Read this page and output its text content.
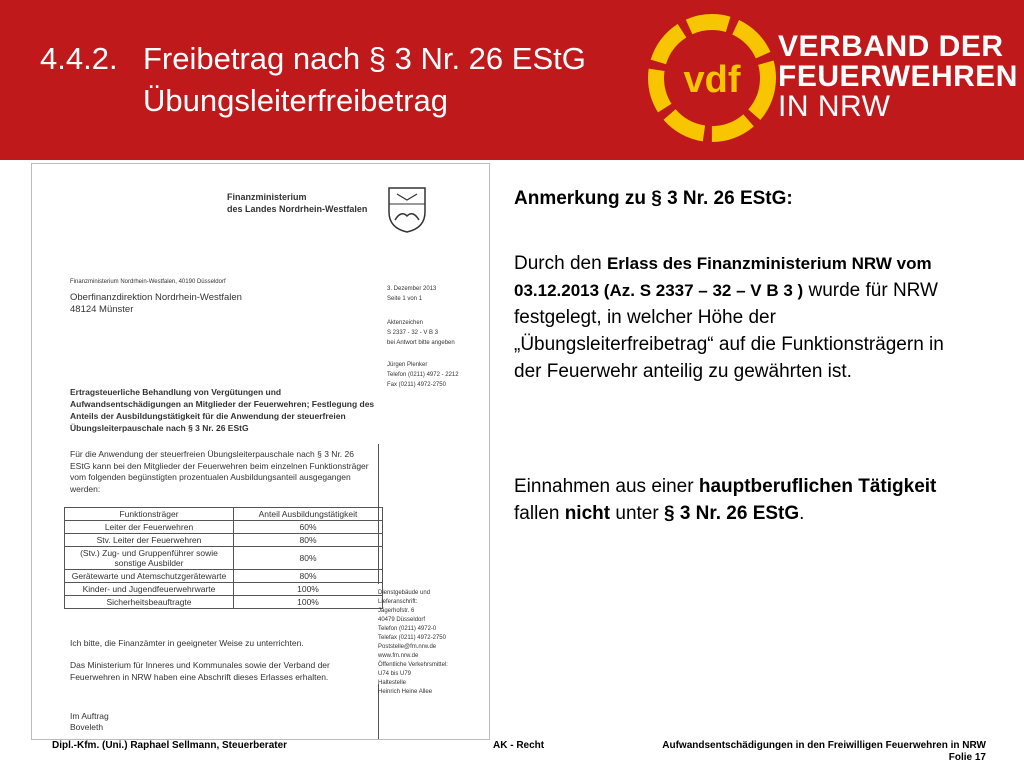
4.4.2. Freibetrag nach § 3 Nr. 26 EStG
Übungsleiterfreibetrag	vdf
VERBAND DER
FEUERWEHREN
IN NRW
Finanzministerium
des Landes Nordrhein-Westfalen
Finanzministerium Nordrhein-Westfalen, 40190 Düsseldorf
Oberfinanzdirektion Nordrhein-Westfalen
48124 Münster
3. Dezember 2013
Seite 1 von 1
Aktenzeichen
S 2337 - 32 - V B 3
bei Antwort bitte angeben
Jürgen Plenker
Telefon (0211) 4972 - 2212
Fax (0211) 4972-2750
Ertragsteuerliche Behandlung von Vergütungen und Aufwandsentschädigungen an Mitglieder der Feuerwehren; Festlegung des Anteils der Ausbildungstätigkeit für die Anwendung der steuerfreien Übungsleiterpauschale nach § 3 Nr. 26 EStG
Für die Anwendung der steuerfreien Übungsleiterpauschale nach § 3 Nr. 26 EStG kann bei den Mitglieder der Feuerwehren beim einzelnen Funktionsträger vom folgenden begünstigten prozentualen Ausbildungsanteil ausgegangen werden:
Funktionsträger	Anteil Ausbildungstätigkeit
Leiter der Feuerwehren	60%
Stv. Leiter der Feuerwehren	80%
(Stv.) Zug- und Gruppenführer sowie sonstige Ausbilder	80%
Gerätewarte und Atemschutzgerätewarte	80%
Kinder- und Jugendfeuerwehrwarte	100%
Sicherheitsbeauftragte	100%
Ich bitte, die Finanzämter in geeigneter Weise zu unterrichten.
Das Ministerium für Inneres und Kommunales sowie der Verband der Feuerwehren in NRW haben eine Abschrift dieses Erlasses erhalten.
Im Auftrag
Boveleth
Dienstgebäude und
Lieferanschrift:
Jägerhofstr. 6
40479 Düsseldorf
Telefon (0211) 4972-0
Telefax (0211) 4972-2750
Poststelle@fm.nrw.de
www.fm.nrw.de
Öffentliche Verkehrsmittel:
U74 bis U79
Haltestelle
Heinrich Heine Allee
Anmerkung zu § 3 Nr. 26 EStG:
Durch den Erlass des Finanzministerium NRW vom 03.12.2013 (Az. S 2337 – 32 – V B 3 ) wurde für NRW festgelegt, in welcher Höhe der „Übungsleiterfreibetrag“ auf die Funktionsträgern in der Feuerwehr anteilig zu gewährten ist.
Einnahmen aus einer hauptberuflichen Tätigkeit fallen nicht unter § 3 Nr. 26 EStG.
Dipl.-Kfm. (Uni.) Raphael Sellmann, Steuerberater	AK - Recht	Aufwandsentschädigungen in den Freiwilligen Feuerwehren in NRW
Folie 17
